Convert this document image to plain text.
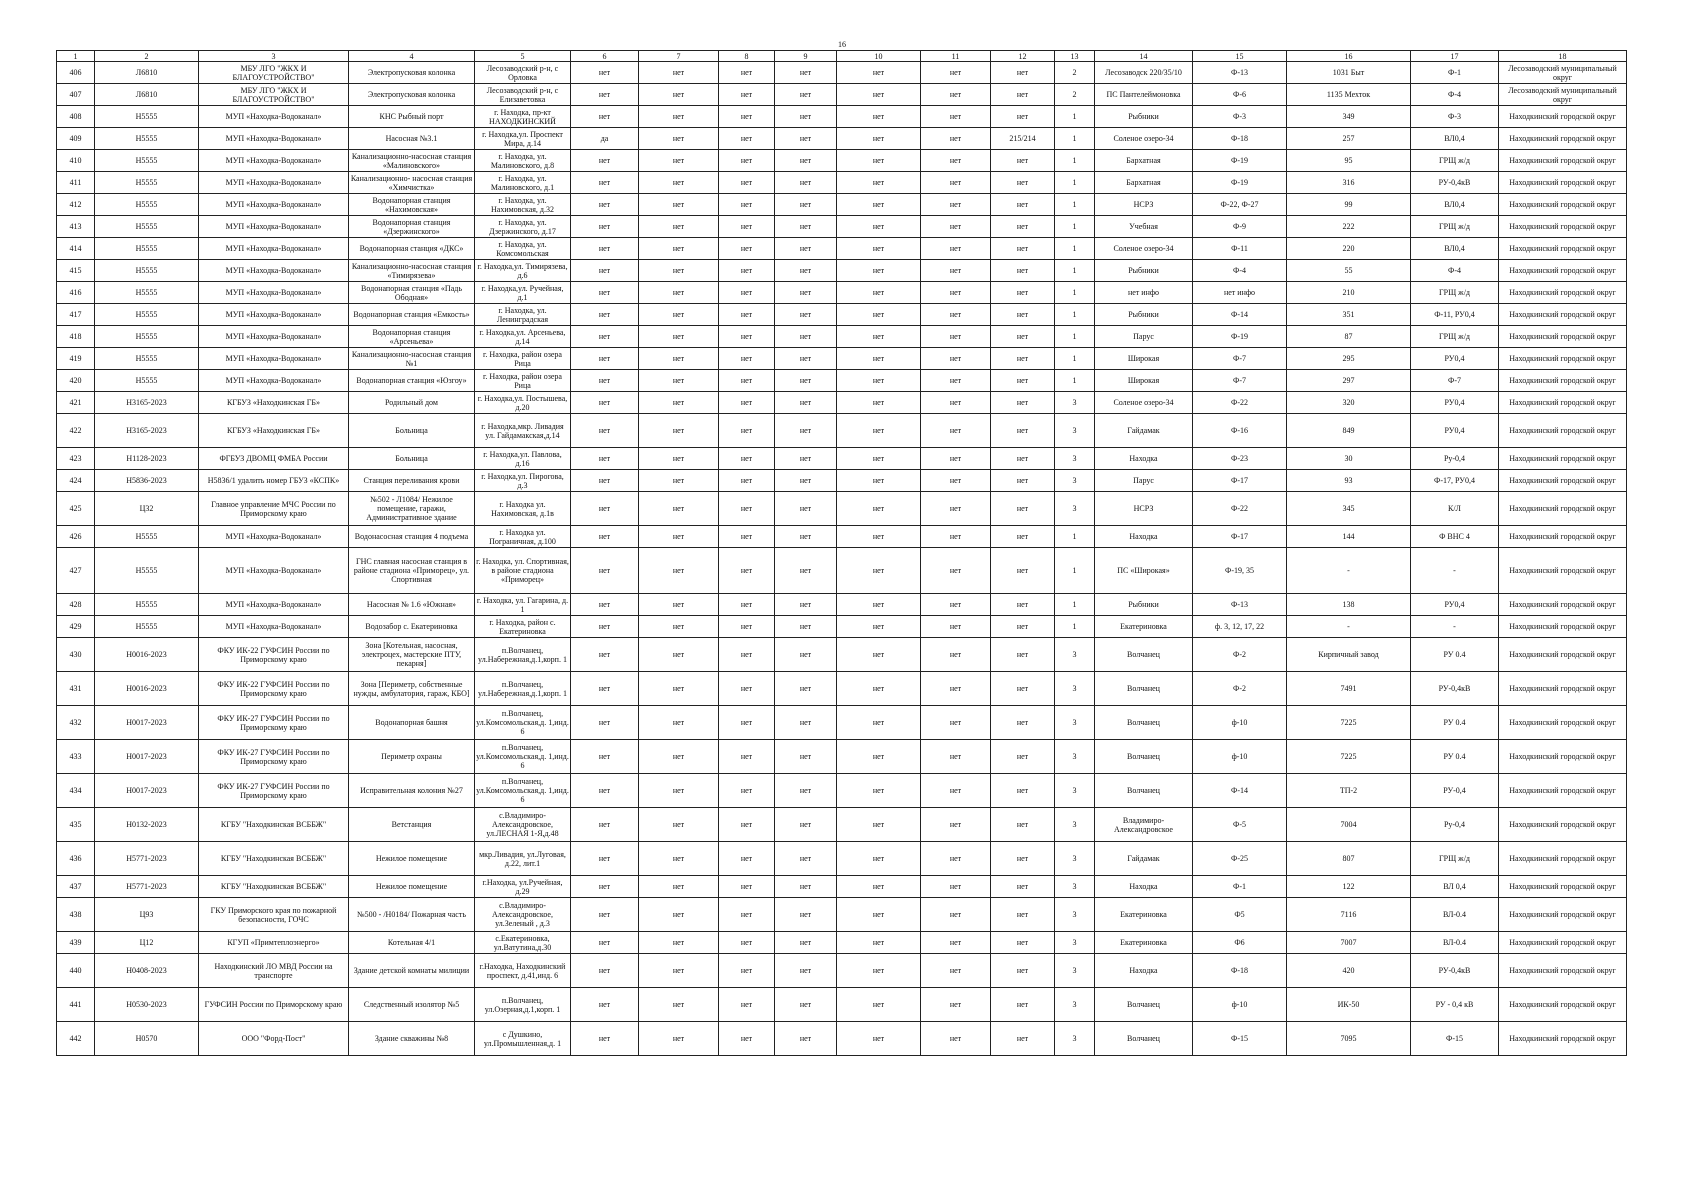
16
1	2	3	4	5	6	7	8	9	10	11	12	13	14	15	16	17	18
406	Л6810	МБУ ЛГО "ЖКХ И БЛАГОУСТРОЙСТВО"	Электропусковая колонка	Лесозаводский р-н, с Орловка	нет	нет	нет	нет	нет	нет	нет	2	Лесозаводск 220/35/10	Ф-13	1031 Быт	Ф-1	Лесозаводский муниципальный округ
407	Л6810	МБУ ЛГО "ЖКХ И БЛАГОУСТРОЙСТВО"	Электропусковая колонка	Лесозаводский р-н, с Елизаветовка	нет	нет	нет	нет	нет	нет	нет	2	ПС Пантелеймоновка	Ф-6	1135 Мехток	Ф-4	Лесозаводский муниципальный округ
408	Н5555	МУП «Находка-Водоканал»	КНС Рыбный порт	г. Находка, пр-кт НАХОДКИНСКИЙ	нет	нет	нет	нет	нет	нет	нет	1	Рыбники	Ф-3	349	Ф-3	Находкинский городской округ
409	Н5555	МУП «Находка-Водоканал»	Насосная №3.1	г. Находка,ул. Проспект Мира, д.14	да	нет	нет	нет	нет	нет	215/214	1	Соленое озеро-34	Ф-18	257	ВЛ0,4	Находкинский городской округ
410	Н5555	МУП «Находка-Водоканал»	Канализационно-насосная станция «Малиновского»	г. Находка, ул. Малиновского, д.8	нет	нет	нет	нет	нет	нет	нет	1	Бархатная	Ф-19	95	ГРЩ ж/д	Находкинский городской округ
411	Н5555	МУП «Находка-Водоканал»	Канализационно- насосная станция «Химчистка»	г. Находка, ул. Малиновского, д.1	нет	нет	нет	нет	нет	нет	нет	1	Бархатная	Ф-19	316	РУ-0,4кВ	Находкинский городской округ
412	Н5555	МУП «Находка-Водоканал»	Водонапорная станция «Нахимовская»	г. Находка, ул. Нахимовская, д.32	нет	нет	нет	нет	нет	нет	нет	1	НСРЗ	Ф-22, Ф-27	99	ВЛ0,4	Находкинский городской округ
413	Н5555	МУП «Находка-Водоканал»	Водонапорная станция «Дзержинского»	г. Находка, ул. Дзержинского, д.17	нет	нет	нет	нет	нет	нет	нет	1	Учебная	Ф-9	222	ГРЩ ж/д	Находкинский городской округ
414	Н5555	МУП «Находка-Водоканал»	Водонапорная станция «ДКС»	г. Находка, ул. Комсомольская	нет	нет	нет	нет	нет	нет	нет	1	Соленое озеро-34	Ф-11	220	ВЛ0,4	Находкинский городской округ
415	Н5555	МУП «Находка-Водоканал»	Канализационно-насосная станция «Тимирязева»	г. Находка,ул. Тимирязева, д.6	нет	нет	нет	нет	нет	нет	нет	1	Рыбники	Ф-4	55	Ф-4	Находкинский городской округ
416	Н5555	МУП «Находка-Водоканал»	Водонапорная станция «Падь Ободная»	г. Находка,ул. Ручейная, д.1	нет	нет	нет	нет	нет	нет	нет	1	нет инфо	нет инфо	210	ГРЩ ж/д	Находкинский городской округ
417	Н5555	МУП «Находка-Водоканал»	Водонапорная станция «Емкость»	г. Находка, ул. Ленинградская	нет	нет	нет	нет	нет	нет	нет	1	Рыбники	Ф-14	351	Ф-11, РУ0,4	Находкинский городской округ
418	Н5555	МУП «Находка-Водоканал»	Водонапорная станция «Арсеньева»	г. Находка,ул. Арсеньева, д.14	нет	нет	нет	нет	нет	нет	нет	1	Парус	Ф-19	87	ГРЩ ж/д	Находкинский городской округ
419	Н5555	МУП «Находка-Водоканал»	Канализационно-насосная станция №1	г. Находка, район озера Рица	нет	нет	нет	нет	нет	нет	нет	1	Широкая	Ф-7	295	РУ0,4	Находкинский городской округ
420	Н5555	МУП «Находка-Водоканал»	Водонапорная станция «Юзгоу»	г. Находка, район озера Рица	нет	нет	нет	нет	нет	нет	нет	1	Широкая	Ф-7	297	Ф-7	Находкинский городской округ
421	Н3165-2023	КГБУЗ «Находкинская ГБ»	Родильный дом	г. Находка,ул. Постышева, д.20	нет	нет	нет	нет	нет	нет	нет	3	Соленое озеро-34	Ф-22	320	РУ0,4	Находкинский городской округ
422	Н3165-2023	КГБУЗ «Находкинская ГБ»	Больница	г. Находка,мкр. Ливадия ул. Гайдамакская,д.14	нет	нет	нет	нет	нет	нет	нет	3	Гайдамак	Ф-16	849	РУ0,4	Находкинский городской округ
423	Н1128-2023	ФГБУЗ ДВОМЦ ФМБА России	Больница	г. Находка,ул. Павлова, д.16	нет	нет	нет	нет	нет	нет	нет	3	Находка	Ф-23	30	Ру-0,4	Находкинский городской округ
424	Н5836-2023	Н5836/1 удалить номер ГБУЗ «КСПК»	Станция переливания крови	г. Находка,ул. Пирогова, д.3	нет	нет	нет	нет	нет	нет	нет	3	Парус	Ф-17	93	Ф-17, РУ0,4	Находкинский городской округ
425	Ц32	Главное управление МЧС России по Приморскому краю	№502 - Л1084/ Нежилое помещение, гаражи, Административное здание	г. Находка ул. Нахимовская, д.1в	нет	нет	нет	нет	нет	нет	нет	3	НСРЗ	Ф-22	345	К/Л	Находкинский городской округ
426	Н5555	МУП «Находка-Водоканал»	Водонасосная станция 4 подъема	г. Находка ул. Пограничная, д.100	нет	нет	нет	нет	нет	нет	нет	1	Находка	Ф-17	144	Ф ВНС 4	Находкинский городской округ
427	Н5555	МУП «Находка-Водоканал»	ГНС главная насосная станция в районе стадиона «Приморец», ул. Спортивная	г. Находка, ул. Спортивная, в районе стадиона «Приморец»	нет	нет	нет	нет	нет	нет	нет	1	ПС «Широкая»	Ф-19, 35	-	-	Находкинский городской округ
428	Н5555	МУП «Находка-Водоканал»	Насосная № 1.6 «Южная»	г. Находка, ул. Гагарина, д. 1	нет	нет	нет	нет	нет	нет	нет	1	Рыбники	Ф-13	138	РУ0,4	Находкинский городской округ
429	Н5555	МУП «Находка-Водоканал»	Водозабор с. Екатериновка	г. Находка, район с. Екатериновка	нет	нет	нет	нет	нет	нет	нет	1	Екатериновка	ф. 3, 12, 17, 22	-	-	Находкинский городской округ
430	Н0016-2023	ФКУ ИК-22 ГУФСИН России по Приморскому краю	Зона [Котельная, насосная, электроцех, мастерские ПТУ, пекарня]	п.Волчанец, ул.Набережная,д.1,корп. 1	нет	нет	нет	нет	нет	нет	нет	3	Волчанец	Ф-2	Кирпичный завод	РУ 0.4	Находкинский городской округ
431	Н0016-2023	ФКУ ИК-22 ГУФСИН России по Приморскому краю	Зона [Периметр, собственные нужды, амбулатория, гараж, КБО]	п.Волчанец, ул.Набережная,д.1,корп. 1	нет	нет	нет	нет	нет	нет	нет	3	Волчанец	Ф-2	7491	РУ-0,4кВ	Находкинский городской округ
432	Н0017-2023	ФКУ ИК-27 ГУФСИН России по Приморскому краю	Водонапорная башня	п.Волчанец, ул.Комсомольская,д. 1,инд. 6	нет	нет	нет	нет	нет	нет	нет	3	Волчанец	ф-10	7225	РУ 0.4	Находкинский городской округ
433	Н0017-2023	ФКУ ИК-27 ГУФСИН России по Приморскому краю	Периметр охраны	п.Волчанец, ул.Комсомольская,д. 1,инд. 6	нет	нет	нет	нет	нет	нет	нет	3	Волчанец	ф-10	7225	РУ 0.4	Находкинский городской округ
434	Н0017-2023	ФКУ ИК-27 ГУФСИН России по Приморскому краю	Исправительная колония №27	п.Волчанец, ул.Комсомольская,д. 1,инд. 6	нет	нет	нет	нет	нет	нет	нет	3	Волчанец	Ф-14	ТП-2	РУ-0,4	Находкинский городской округ
435	Н0132-2023	КГБУ "Находкинская ВСББЖ"	Ветстанция	с.Владимиро-Александровское, ул.ЛЕСНАЯ 1-Я,д.48	нет	нет	нет	нет	нет	нет	нет	3	Владимиро-Александровское	Ф-5	7004	Ру-0,4	Находкинский городской округ
436	Н5771-2023	КГБУ "Находкинская ВСББЖ"	Нежилое помещение	мкр.Ливадия, ул.Луговая, д.22, лит.1	нет	нет	нет	нет	нет	нет	нет	3	Гайдамак	Ф-25	807	ГРЩ ж/д	Находкинский городской округ
437	Н5771-2023	КГБУ "Находкинская ВСББЖ"	Нежилое помещение	г.Находка, ул.Ручейная, д.29	нет	нет	нет	нет	нет	нет	нет	3	Находка	Ф-1	122	ВЛ 0,4	Находкинский городской округ
438	Ц93	ГКУ Приморского края по пожарной безопасности, ГОЧС	№500 - /Н0184/ Пожарная часть	с.Владимиро-Александровское, ул.Зеленый , д.3	нет	нет	нет	нет	нет	нет	нет	3	Екатериновка	Ф5	7116	ВЛ-0.4	Находкинский городской округ
439	Ц12	КГУП «Примтеплоэнерго»	Котельная 4/1	с.Екатериновка, ул.Ватутина,д.30	нет	нет	нет	нет	нет	нет	нет	3	Екатериновка	Ф6	7007	ВЛ-0.4	Находкинский городской округ
440	Н0408-2023	Находкинский ЛО МВД России на транспорте	Здание детской комнаты милиции	г.Находка, Находкинский проспект, д.41,инд. 6	нет	нет	нет	нет	нет	нет	нет	3	Находка	Ф-18	420	РУ-0,4кВ	Находкинский городской округ
441	Н0530-2023	ГУФСИН России по Приморскому краю	Следственный изолятор №5	п.Волчанец, ул.Озерная,д.1,корп. 1	нет	нет	нет	нет	нет	нет	нет	3	Волчанец	ф-10	ИК-50	РУ - 0,4 кВ	Находкинский городской округ
442	Н0570	ООО "Форд-Пост"	Здание скважины №8	с Душкино, ул.Промышленная,д. 1	нет	нет	нет	нет	нет	нет	нет	3	Волчанец	Ф-15	7095	Ф-15	Находкинский городской округ
